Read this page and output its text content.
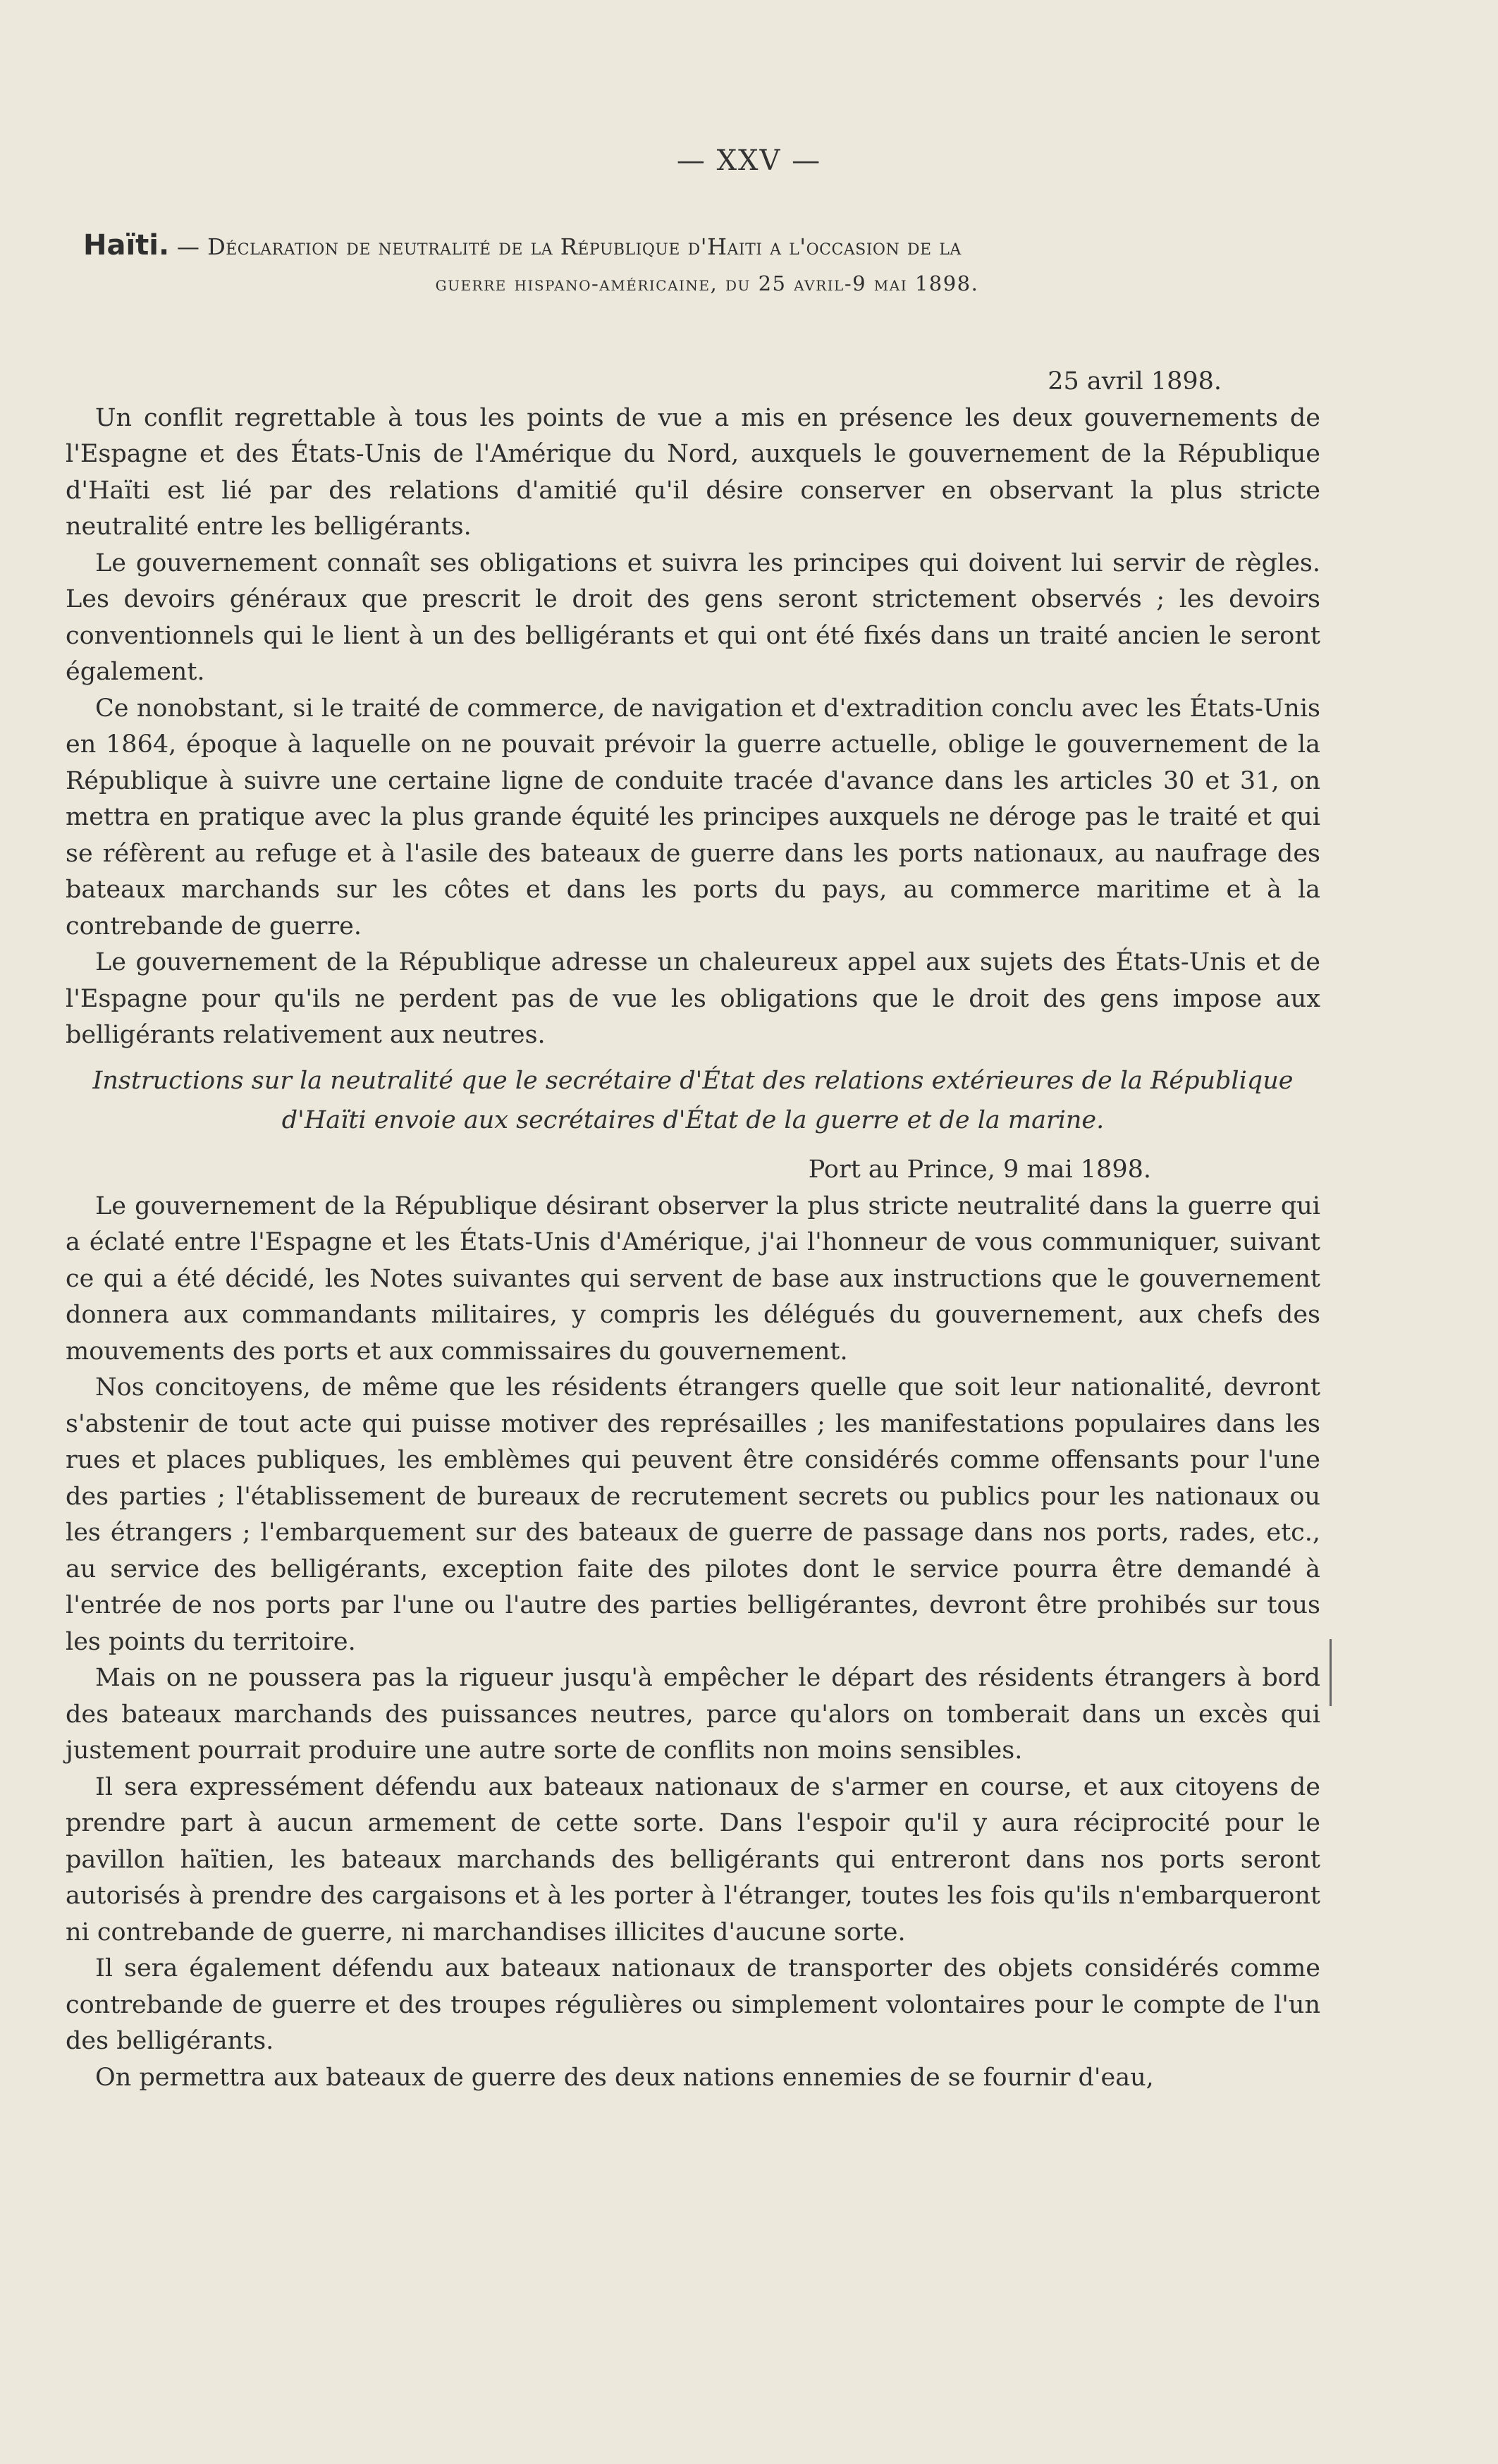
— XXV —
Haïti. — Déclaration de neutralité de la République d'Haiti a l'occasion de la
guerre hispano-américaine, du 25 avril-9 mai 1898.

25 avril 1898.

Un conflit regrettable à tous les points de vue a mis en présence les deux gouvernements de l'Espagne et des États-Unis de l'Amérique du Nord, auxquels le gouvernement de la République d'Haïti est lié par des relations d'amitié qu'il désire conserver en observant la plus stricte neutralité entre les belligérants.

Le gouvernement connaît ses obligations et suivra les principes qui doivent lui servir de règles. Les devoirs généraux que prescrit le droit des gens seront strictement observés ; les devoirs conventionnels qui le lient à un des belligérants et qui ont été fixés dans un traité ancien le seront également.

Ce nonobstant, si le traité de commerce, de navigation et d'extradition conclu avec les États-Unis en 1864, époque à laquelle on ne pouvait prévoir la guerre actuelle, oblige le gouvernement de la République à suivre une certaine ligne de conduite tracée d'avance dans les articles 30 et 31, on mettra en pratique avec la plus grande équité les principes auxquels ne déroge pas le traité et qui se réfèrent au refuge et à l'asile des bateaux de guerre dans les ports nationaux, au naufrage des bateaux marchands sur les côtes et dans les ports du pays, au commerce maritime et à la contrebande de guerre.

Le gouvernement de la République adresse un chaleureux appel aux sujets des États-Unis et de l'Espagne pour qu'ils ne perdent pas de vue les obligations que le droit des gens impose aux belligérants relativement aux neutres.

Instructions sur la neutralité que le secrétaire d'État des relations extérieures de la République d'Haïti envoie aux secrétaires d'État de la guerre et de la marine.

Port au Prince, 9 mai 1898.

Le gouvernement de la République désirant observer la plus stricte neutralité dans la guerre qui a éclaté entre l'Espagne et les États-Unis d'Amérique, j'ai l'honneur de vous communiquer, suivant ce qui a été décidé, les Notes suivantes qui servent de base aux instructions que le gouvernement donnera aux commandants militaires, y compris les délégués du gouvernement, aux chefs des mouvements des ports et aux commissaires du gouvernement.

Nos concitoyens, de même que les résidents étrangers quelle que soit leur nationalité, devront s'abstenir de tout acte qui puisse motiver des représailles ; les manifestations populaires dans les rues et places publiques, les emblèmes qui peuvent être considérés comme offensants pour l'une des parties ; l'établissement de bureaux de recrutement secrets ou publics pour les nationaux ou les étrangers ; l'embarquement sur des bateaux de guerre de passage dans nos ports, rades, etc., au service des belligérants, exception faite des pilotes dont le service pourra être demandé à l'entrée de nos ports par l'une ou l'autre des parties belligérantes, devront être prohibés sur tous les points du territoire.

Mais on ne poussera pas la rigueur jusqu'à empêcher le départ des résidents étrangers à bord des bateaux marchands des puissances neutres, parce qu'alors on tomberait dans un excès qui justement pourrait produire une autre sorte de conflits non moins sensibles.

Il sera expressément défendu aux bateaux nationaux de s'armer en course, et aux citoyens de prendre part à aucun armement de cette sorte. Dans l'espoir qu'il y aura réciprocité pour le pavillon haïtien, les bateaux marchands des belligérants qui entreront dans nos ports seront autorisés à prendre des cargaisons et à les porter à l'étranger, toutes les fois qu'ils n'embarqueront ni contrebande de guerre, ni marchandises illicites d'aucune sorte.

Il sera également défendu aux bateaux nationaux de transporter des objets considérés comme contrebande de guerre et des troupes régulières ou simplement volontaires pour le compte de l'un des belligérants.

On permettra aux bateaux de guerre des deux nations ennemies de se fournir d'eau,
